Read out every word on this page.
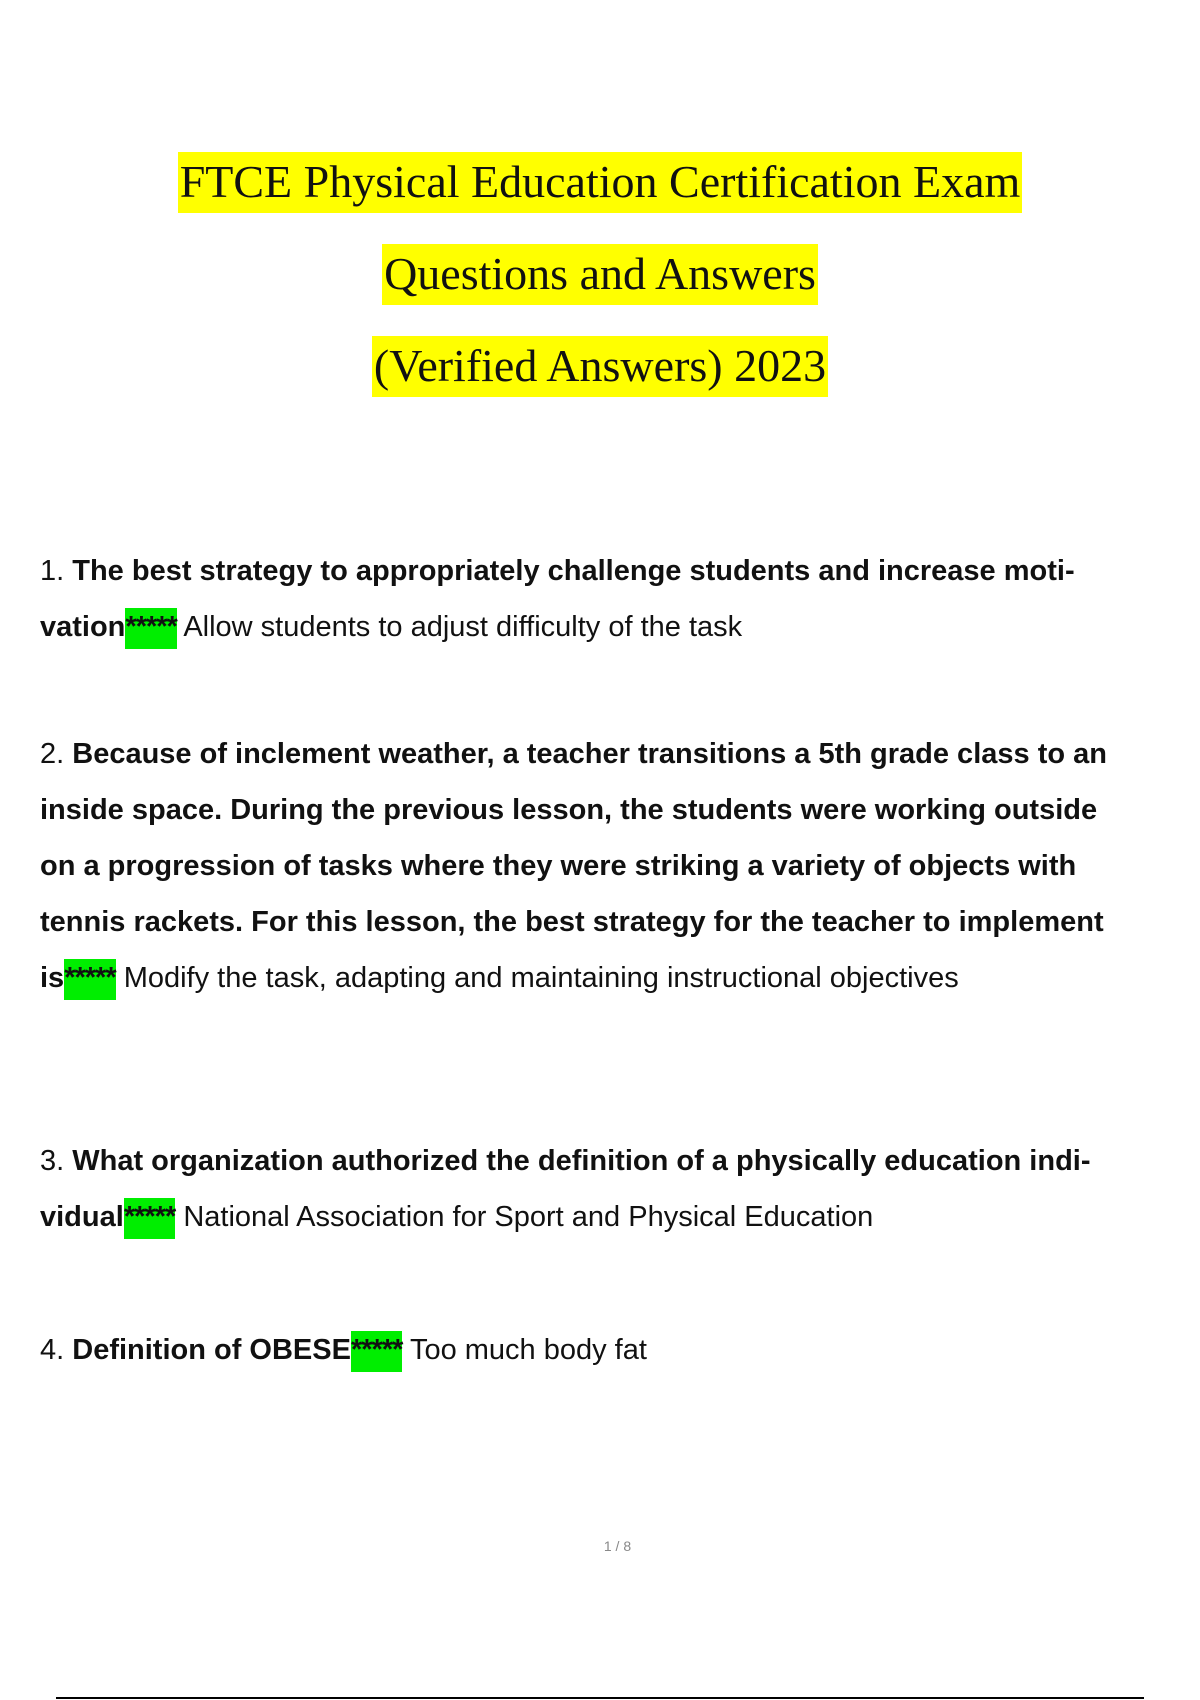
FTCE Physical Education Certification Exam
Questions and Answers
(Verified Answers) 2023
1. The best strategy to appropriately challenge students and increase moti-
vation***** Allow students to adjust difficulty of the task
2. Because of inclement weather, a teacher transitions a 5th grade class to an
inside space. During the previous lesson, the students were working outside
on a progression of tasks where they were striking a variety of objects with
tennis rackets. For this lesson, the best strategy for the teacher to implement
is***** Modify the task, adapting and maintaining instructional objectives
3. What organization authorized the definition of a physically education indi-
vidual***** National Association for Sport and Physical Education
4. Definition of OBESE***** Too much body fat
1 / 8
